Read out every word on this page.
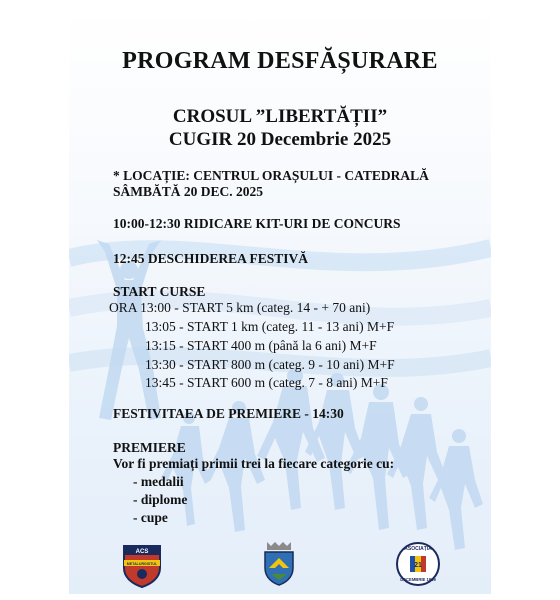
PROGRAM DESFĂȘURARE
CROSUL ”LIBERTĂȚII”
CUGIR 20 Decembrie 2025
* LOCAȚIE: CENTRUL ORAȘULUI - CATEDRALĂ
SÂMBĂTĂ 20 DEC. 2025
10:00-12:30 RIDICARE KIT-URI DE CONCURS
12:45 DESCHIDEREA FESTIVĂ
START CURSE
ORA 13:00 - START 5 km (categ. 14 - + 70 ani)
13:05 - START 1 km (categ. 11 - 13 ani) M+F
13:15 - START 400 m (până la 6 ani) M+F
13:30 - START 800 m (categ. 9 - 10 ani) M+F
13:45 - START 600 m (categ. 7 - 8 ani) M+F
FESTIVITAEA DE PREMIERE - 14:30
PREMIERE
Vor fi premiați primii trei la fiecare categorie cu:
- medalii
- diplome
- cupe
ACS
METALURGISTUL
ASOCIAȚIA
21
DECEMBRIE 1989
